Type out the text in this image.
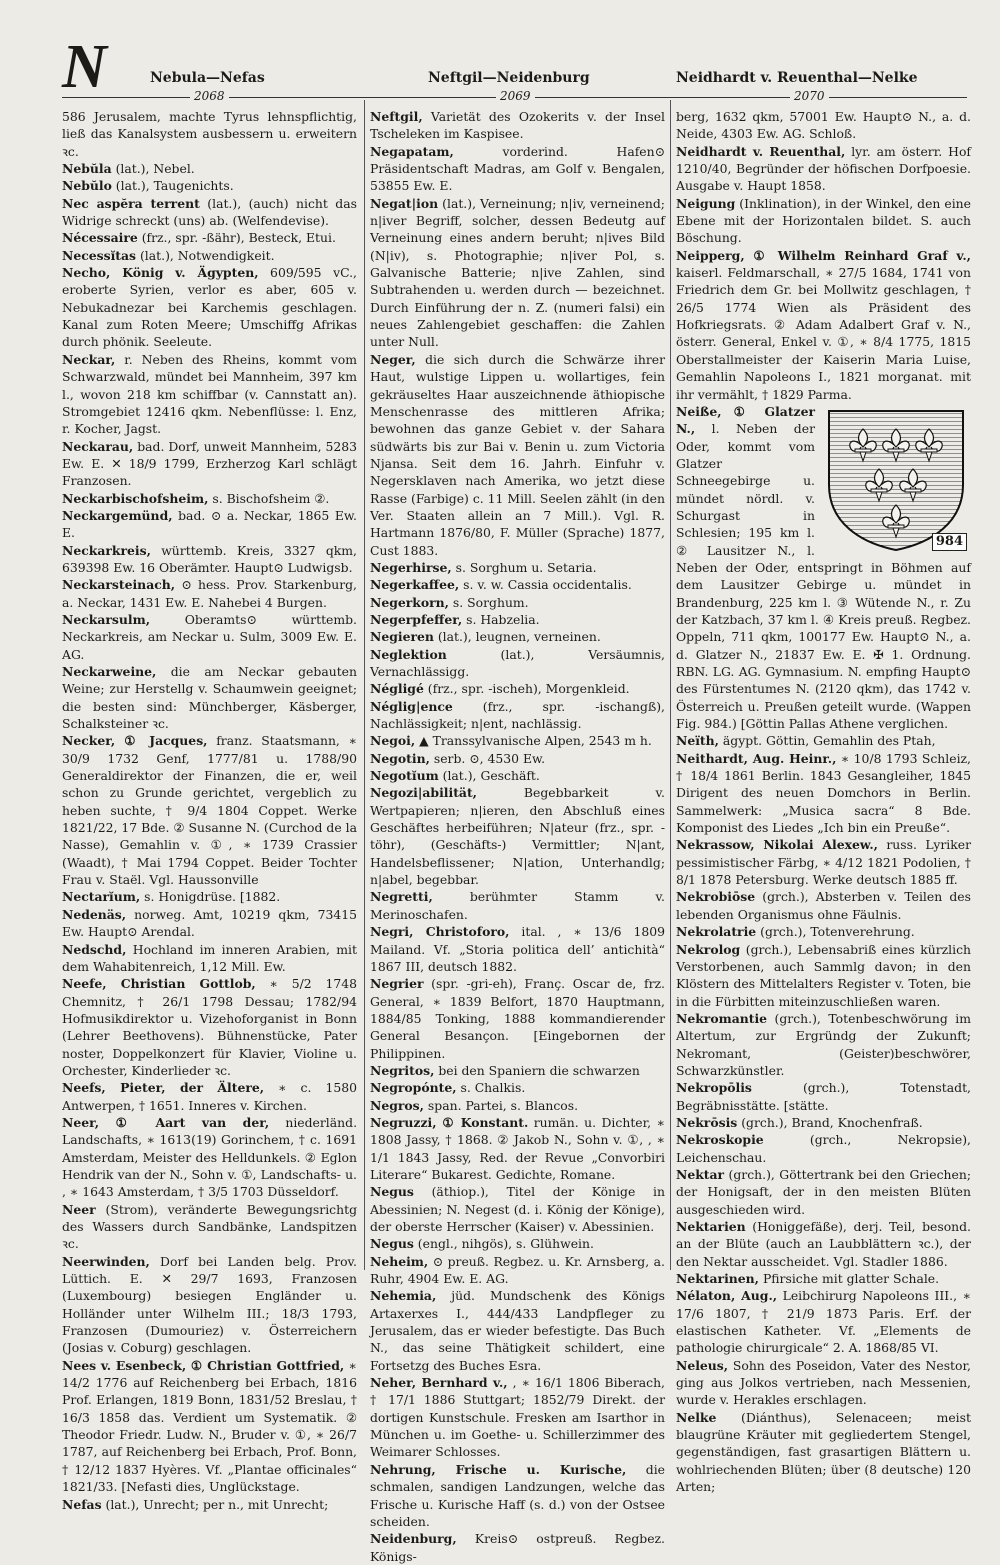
N	Nebula—Nefas	Neftgil—Neidenburg	Neidhardt v. Reuenthal—Nelke
2068	2069	2070

586 Jerusalem, machte Tyrus lehnspflichtig, ließ das Kanalsystem ausbessern u. erweitern ꝛc.

Nebŭla (lat.), Nebel.

Nebŭlo (lat.), Taugenichts.

Nec aspĕra terrent (lat.), (auch) nicht das Widrige schreckt (uns) ab. (Welfendevise).

Nécessaire (frz., spr. -ßähr), Besteck, Etui.

Necessĭtas (lat.), Notwendigkeit.

Necho, König v. Ägypten, 609/595 vC., eroberte Syrien, verlor es aber, 605 v. Nebukadnezar bei Karchemis geschlagen. Kanal zum Roten Meere; Umschiffg Afrikas durch phönik. Seeleute.

Neckar, r. Neben des Rheins, kommt vom Schwarzwald, mündet bei Mannheim, 397 km l., wovon 218 km schiffbar (v. Cannstatt an). Stromgebiet 12416 qkm. Nebenflüsse: l. Enz, r. Kocher, Jagst.

Neckarau, bad. Dorf, unweit Mannheim, 5283 Ew. E. ✕ 18/9 1799, Erzherzog Karl schlägt Franzosen.

Neckarbischofsheim, s. Bischofsheim ②.

Neckargemünd, bad. ⊙ a. Neckar, 1865 Ew. E.

Neckarkreis, württemb. Kreis, 3327 qkm, 639398 Ew. 16 Oberämter. Haupt⊙ Ludwigsb.

Neckarsteinach, ⊙ hess. Prov. Starkenburg, a. Neckar, 1431 Ew. E. Nahebei 4 Burgen.

Neckarsulm, Oberamts⊙ württemb. Neckarkreis, am Neckar u. Sulm, 3009 Ew. E. AG.

Neckarweine, die am Neckar gebauten Weine; zur Herstellg v. Schaumwein geeignet; die besten sind: Münchberger, Käsberger, Schalksteiner ꝛc.

Necker, ① Jacques, franz. Staatsmann, ∗ 30/9 1732 Genf, 1777/81 u. 1788/90 Generaldirektor der Finanzen, die er, weil schon zu Grunde gerichtet, vergeblich zu heben suchte, † 9/4 1804 Coppet. Werke 1821/22, 17 Bde. ② Susanne N. (Curchod de la Nasse), Gemahlin v. ①, ∗ 1739 Crassier (Waadt), † Mai 1794 Coppet. Beider Tochter Frau v. Staël. Vgl. Haussonville

Nectarĭum, s. Honigdrüse. [1882.

Nedenäs, norweg. Amt, 10219 qkm, 73415 Ew. Haupt⊙ Arendal.

Nedschd, Hochland im inneren Arabien, mit dem Wahabitenreich, 1,12 Mill. Ew.

Neefe, Christian Gottlob, ∗ 5/2 1748 Chemnitz, † 26/1 1798 Dessau; 1782/94 Hofmusikdirektor u. Vizehoforganist in Bonn (Lehrer Beethovens). Bühnenstücke, Pater noster, Doppelkonzert für Klavier, Violine u. Orchester, Kinderlieder ꝛc.

Neefs, Pieter, der Ältere, ∗ c. 1580 Antwerpen, † 1651. Inneres v. Kirchen.

Neer, ① Aart van der, niederländ. Landschafts, ∗ 1613(19) Gorinchem, † c. 1691 Amsterdam, Meister des Helldunkels. ② Eglon Hendrik van der N., Sohn v. ①, Landschafts- u. , ∗ 1643 Amsterdam, † 3/5 1703 Düsseldorf.

Neer (Strom), veränderte Bewegungsrichtg des Wassers durch Sandbänke, Landspitzen ꝛc.

Neerwinden, Dorf bei Landen belg. Prov. Lüttich. E. ✕ 29/7 1693, Franzosen (Luxembourg) besiegen Engländer u. Holländer unter Wilhelm III.; 18/3 1793, Franzosen (Dumouriez) v. Österreichern (Josias v. Coburg) geschlagen.

Nees v. Esenbeck, ① Christian Gottfried, ∗ 14/2 1776 auf Reichenberg bei Erbach, 1816 Prof. Erlangen, 1819 Bonn, 1831/52 Breslau, † 16/3 1858 das. Verdient um Systematik. ② Theodor Friedr. Ludw. N., Bruder v. ①, ∗ 26/7 1787, auf Reichenberg bei Erbach, Prof. Bonn, † 12/12 1837 Hyères. Vf. „Plantae officinales“ 1821/33. [Nefasti dies, Unglückstage.

Nefas (lat.), Unrecht; per n., mit Unrecht;

Neftgil, Varietät des Ozokerits v. der Insel Tscheleken im Kaspisee.

Negapatam, vorderind. Hafen⊙ Präsidentschaft Madras, am Golf v. Bengalen, 53855 Ew. E.

Negat|ion (lat.), Verneinung; n|iv, verneinend; n|iver Begriff, solcher, dessen Bedeutg auf Verneinung eines andern beruht; n|ives Bild (N|iv), s. Photographie; n|iver Pol, s. Galvanische Batterie; n|ive Zahlen, sind Subtrahenden u. werden durch — bezeichnet. Durch Einführung der n. Z. (numeri falsi) ein neues Zahlengebiet geschaffen: die Zahlen unter Null.

Neger, die sich durch die Schwärze ihrer Haut, wulstige Lippen u. wollartiges, fein gekräuseltes Haar auszeichnende äthiopische Menschenrasse des mittleren Afrika; bewohnen das ganze Gebiet v. der Sahara südwärts bis zur Bai v. Benin u. zum Victoria Njansa. Seit dem 16. Jahrh. Einfuhr v. Negersklaven nach Amerika, wo jetzt diese Rasse (Farbige) c. 11 Mill. Seelen zählt (in den Ver. Staaten allein an 7 Mill.). Vgl. R. Hartmann 1876/80, F. Müller (Sprache) 1877, Cust 1883.

Negerhirse, s. Sorghum u. Setaria.

Negerkaffee, s. v. w. Cassia occidentalis.

Negerkorn, s. Sorghum.

Negerpfeffer, s. Habzelia.

Negieren (lat.), leugnen, verneinen.

Neglektion (lat.), Versäumnis, Vernachlässigg.

Négligé (frz., spr. -ischeh), Morgenkleid.

Néglig|ence (frz., spr. -ischangß), Nachlässigkeit; n|ent, nachlässig.

Negoi, ▲ Transsylvanische Alpen, 2543 m h.

Negotin, serb. ⊙, 4530 Ew.

Negotĭum (lat.), Geschäft.

Negozi|abilität, Begebbarkeit v. Wertpapieren; n|ieren, den Abschluß eines Geschäftes herbeiführen; N|ateur (frz., spr. -töhr), (Geschäfts-) Vermittler; N|ant, Handelsbeflissener; N|ation, Unterhandlg; n|abel, begebbar.

Negretti, berühmter Stamm v. Merinoschafen.

Negri, Christoforo, ital. , ∗ 13/6 1809 Mailand. Vf. „Storia politica dell’ antichità“ 1867 III, deutsch 1882.

Negrier (spr. -gri-eh), Franç. Oscar de, frz. General, ∗ 1839 Belfort, 1870 Hauptmann, 1884/85 Tonking, 1888 kommandierender General Besançon. [Eingebornen der Philippinen.

Negritos, bei den Spaniern die schwarzen

Negropónte, s. Chalkis.

Negros, span. Partei, s. Blancos.

Negruzzi, ① Konstant. rumän. u. Dichter, ∗ 1808 Jassy, † 1868. ② Jakob N., Sohn v. ①, , ∗ 1/1 1843 Jassy, Red. der Revue „Convorbiri Literare“ Bukarest. Gedichte, Romane.

Negus (äthiop.), Titel der Könige in Abessinien; N. Negest (d. i. König der Könige), der oberste Herrscher (Kaiser) v. Abessinien.

Negus (engl., nihgös), s. Glühwein.

Neheim, ⊙ preuß. Regbez. u. Kr. Arnsberg, a. Ruhr, 4904 Ew. E. AG.

Nehemia, jüd. Mundschenk des Königs Artaxerxes I., 444/433 Landpfleger zu Jerusalem, das er wieder befestigte. Das Buch N., das seine Thätigkeit schildert, eine Fortsetzg des Buches Esra.

Neher, Bernhard v., , ∗ 16/1 1806 Biberach, † 17/1 1886 Stuttgart; 1852/79 Direkt. der dortigen Kunstschule. Fresken am Isarthor in München u. im Goethe- u. Schillerzimmer des Weimarer Schlosses.

Nehrung, Frische u. Kurische, die schmalen, sandigen Landzungen, welche das Frische u. Kurische Haff (s. d.) von der Ostsee scheiden.

Neidenburg, Kreis⊙ ostpreuß. Regbez. Königs-

berg, 1632 qkm, 57001 Ew. Haupt⊙ N., a. d. Neide, 4303 Ew. AG. Schloß.

Neidhardt v. Reuenthal, lyr. am österr. Hof 1210/40, Begründer der höfischen Dorfpoesie. Ausgabe v. Haupt 1858.

Neigung (Inklination), in der Winkel, den eine Ebene mit der Horizontalen bildet. S. auch Böschung.

Neipperg, ① Wilhelm Reinhard Graf v., kaiserl. Feldmarschall, ∗ 27/5 1684, 1741 von Friedrich dem Gr. bei Mollwitz geschlagen, † 26/5 1774 Wien als Präsident des Hofkriegsrats. ② Adam Adalbert Graf v. N., österr. General, Enkel v. ①, ∗ 8/4 1775, 1815 Oberstallmeister der Kaiserin Maria Luise, Gemahlin Napoleons I., 1821 morganat. mit ihr vermählt, † 1829 Parma.

984
Neiße, ① Glatzer N., l. Neben der Oder, kommt vom Glatzer Schneegebirge u. mündet nördl. v. Schurgast in Schlesien; 195 km l. ② Lausitzer N., l. Neben der Oder, entspringt in Böhmen auf dem Lausitzer Gebirge u. mündet in Brandenburg, 225 km l. ③ Wütende N., r. Zu der Katzbach, 37 km l. ④ Kreis preuß. Regbez. Oppeln, 711 qkm, 100177 Ew. Haupt⊙ N., a. d. Glatzer N., 21837 Ew. E. ✠ 1. Ordnung. RBN. LG. AG. Gymnasium. N. empfing Haupt⊙ des Fürstentumes N. (2120 qkm), das 1742 v. Österreich u. Preußen geteilt wurde. (Wappen Fig. 984.) [Göttin Pallas Athene verglichen.

Neïth, ägypt. Göttin, Gemahlin des Ptah,

Neithardt, Aug. Heinr., ∗ 10/8 1793 Schleiz, † 18/4 1861 Berlin. 1843 Gesangleiher, 1845 Dirigent des neuen Domchors in Berlin. Sammelwerk: „Musica sacra“ 8 Bde. Komponist des Liedes „Ich bin ein Preuße“.

Nekrassow, Nikolai Alexew., russ. Lyriker pessimistischer Färbg, ∗ 4/12 1821 Podolien, † 8/1 1878 Petersburg. Werke deutsch 1885 ff.

Nekrobiōse (grch.), Absterben v. Teilen des lebenden Organismus ohne Fäulnis.

Nekrolatrie (grch.), Totenverehrung.

Nekrolog (grch.), Lebensabriß eines kürzlich Verstorbenen, auch Sammlg davon; in den Klöstern des Mittelalters Register v. Toten, bie in die Fürbitten miteinzuschließen waren.

Nekromantie (grch.), Totenbeschwörung im Altertum, zur Ergründg der Zukunft; Nekromant, (Geister)beschwörer, Schwarzkünstler.

Nekropōlis (grch.), Totenstadt, Begräbnisstätte. [stätte.

Nekrōsis (grch.), Brand, Knochenfraß.

Nekroskopie (grch., Nekropsie), Leichenschau.

Nektar (grch.), Göttertrank bei den Griechen; der Honigsaft, der in den meisten Blüten ausgeschieden wird.

Nektarien (Honiggefäße), derj. Teil, besond. an der Blüte (auch an Laubblättern ꝛc.), der den Nektar ausscheidet. Vgl. Stadler 1886.

Nektarinen, Pfirsiche mit glatter Schale.

Nélaton, Aug., Leibchirurg Napoleons III., ∗ 17/6 1807, † 21/9 1873 Paris. Erf. der elastischen Katheter. Vf. „Elements de pathologie chirurgicale“ 2. A. 1868/85 VI.

Neleus, Sohn des Poseidon, Vater des Nestor, ging aus Jolkos vertrieben, nach Messenien, wurde v. Herakles erschlagen.

Nelke (Diánthus), Selenaceen; meist blaugrüne Kräuter mit gegliedertem Stengel, gegenständigen, fast grasartigen Blättern u. wohlriechenden Blüten; über (8 deutsche) 120 Arten;
